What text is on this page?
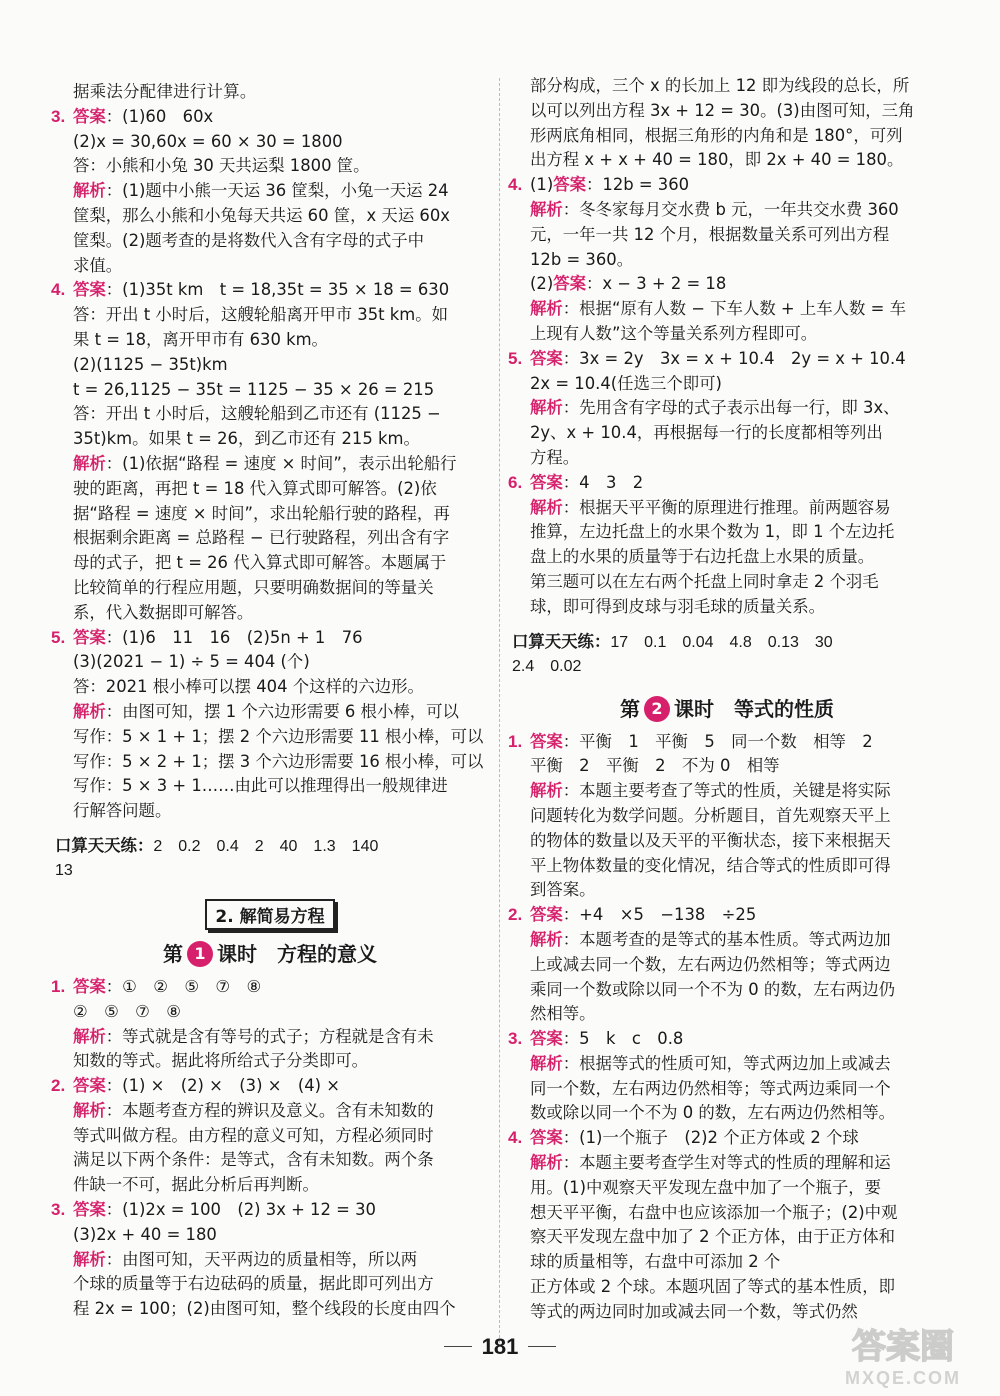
据乘法分配律进行计算。

3. 答案：(1)60　60x
(2)x = 30,60x = 60 × 30 = 1800
答：小熊和小兔 30 天共运梨 1800 筐。
解析：(1)题中小熊一天运 36 筐梨，小兔一天运 24
筐梨，那么小熊和小兔每天共运 60 筐，x 天运 60x
筐梨。(2)题考查的是将数代入含有字母的式子中
求值。
4. 答案：(1)35t km　t = 18,35t = 35 × 18 = 630
答：开出 t 小时后，这艘轮船离开甲市 35t km。如
果 t = 18，离开甲市有 630 km。
(2)(1125 − 35t)km
t = 26,1125 − 35t = 1125 − 35 × 26 = 215
答：开出 t 小时后，这艘轮船到乙市还有 (1125 −
35t)km。如果 t = 26，到乙市还有 215 km。
解析：(1)依据“路程 = 速度 × 时间”，表示出轮船行
驶的距离，再把 t = 18 代入算式即可解答。(2)依
据“路程 = 速度 × 时间”，求出轮船行驶的路程，再
根据剩余距离 = 总路程 − 已行驶路程，列出含有字
母的式子，把 t = 26 代入算式即可解答。本题属于
比较简单的行程应用题，只要明确数据间的等量关
系，代入数据即可解答。
5. 答案：(1)6　11　16　(2)5n + 1　76
(3)(2021 − 1) ÷ 5 = 404 (个)
答：2021 根小棒可以摆 404 个这样的六边形。
解析：由图可知，摆 1 个六边形需要 6 根小棒，可以
写作：5 × 1 + 1；摆 2 个六边形需要 11 根小棒，可以
写作：5 × 2 + 1；摆 3 个六边形需要 16 根小棒，可以
写作：5 × 3 + 1……由此可以推理得出一般规律进
行解答问题。
口算天天练：2　0.2　0.4　2　40　1.3　140
13
2. 解简易方程
第 1 课时　方程的意义
1. 答案：①　②　⑤　⑦　⑧
②　⑤　⑦　⑧
解析：等式就是含有等号的式子；方程就是含有未
知数的等式。据此将所给式子分类即可。
2. 答案：(1) ×　(2) ×　(3) ×　(4) ×
解析：本题考查方程的辨识及意义。含有未知数的
等式叫做方程。由方程的意义可知，方程必须同时
满足以下两个条件：是等式，含有未知数。两个条
件缺一不可，据此分析后再判断。
3. 答案：(1)2x = 100　(2) 3x + 12 = 30
(3)2x + 40 = 180
解析：由图可知，天平两边的质量相等，所以两
个球的质量等于右边砝码的质量，据此即可列出方
程 2x = 100；(2)由图可知，整个线段的长度由四个
部分构成，三个 x 的长加上 12 即为线段的总长，所
以可以列出方程 3x + 12 = 30。(3)由图可知，三角
形两底角相同，根据三角形的内角和是 180°，可列
出方程 x + x + 40 = 180，即 2x + 40 = 180。
4. (1)答案：12b = 360
解析：冬冬家每月交水费 b 元，一年共交水费 360
元，一年一共 12 个月，根据数量关系可列出方程
12b = 360。
(2)答案：x − 3 + 2 = 18
解析：根据“原有人数 − 下车人数 + 上车人数 = 车
上现有人数”这个等量关系列方程即可。
5. 答案：3x = 2y　3x = x + 10.4　2y = x + 10.4
2x = 10.4(任选三个即可)
解析：先用含有字母的式子表示出每一行，即 3x、
2y、x + 10.4，再根据每一行的长度都相等列出
方程。
6. 答案：4　3　2
解析：根据天平平衡的原理进行推理。前两题容易
推算，左边托盘上的水果个数为 1，即 1 个左边托
盘上的水果的质量等于右边托盘上水果的质量。
第三题可以在左右两个托盘上同时拿走 2 个羽毛
球，即可得到皮球与羽毛球的质量关系。
口算天天练：17　0.1　0.04　4.8　0.13　30
2.4　0.02
第 2 课时　等式的性质
1. 答案：平衡　1　平衡　5　同一个数　相等　2
平衡　2　平衡　2　不为 0　相等
解析：本题主要考查了等式的性质，关键是将实际
问题转化为数学问题。分析题目，首先观察天平上
的物体的数量以及天平的平衡状态，接下来根据天
平上物体数量的变化情况，结合等式的性质即可得
到答案。
2. 答案：+4　×5　−138　÷25
解析：本题考查的是等式的基本性质。等式两边加
上或减去同一个数，左右两边仍然相等；等式两边
乘同一个数或除以同一个不为 0 的数，左右两边仍
然相等。
3. 答案：5　k　c　0.8
解析：根据等式的性质可知，等式两边加上或减去
同一个数，左右两边仍然相等；等式两边乘同一个
数或除以同一个不为 0 的数，左右两边仍然相等。
4. 答案：(1)一个瓶子　(2)2 个正方体或 2 个球
解析：本题主要考查学生对等式的性质的理解和运
用。(1)中观察天平发现左盘中加了一个瓶子，要
想天平平衡，右盘中也应该添加一个瓶子；(2)中观
察天平发现左盘中加了 2 个正方体，由于正方体和
球的质量相等，右盘中可添加 2 个
正方体或 2 个球。本题巩固了等式的基本性质，即
等式的两边同时加或减去同一个数，等式仍然
181	答案圈
MXQE.COM
